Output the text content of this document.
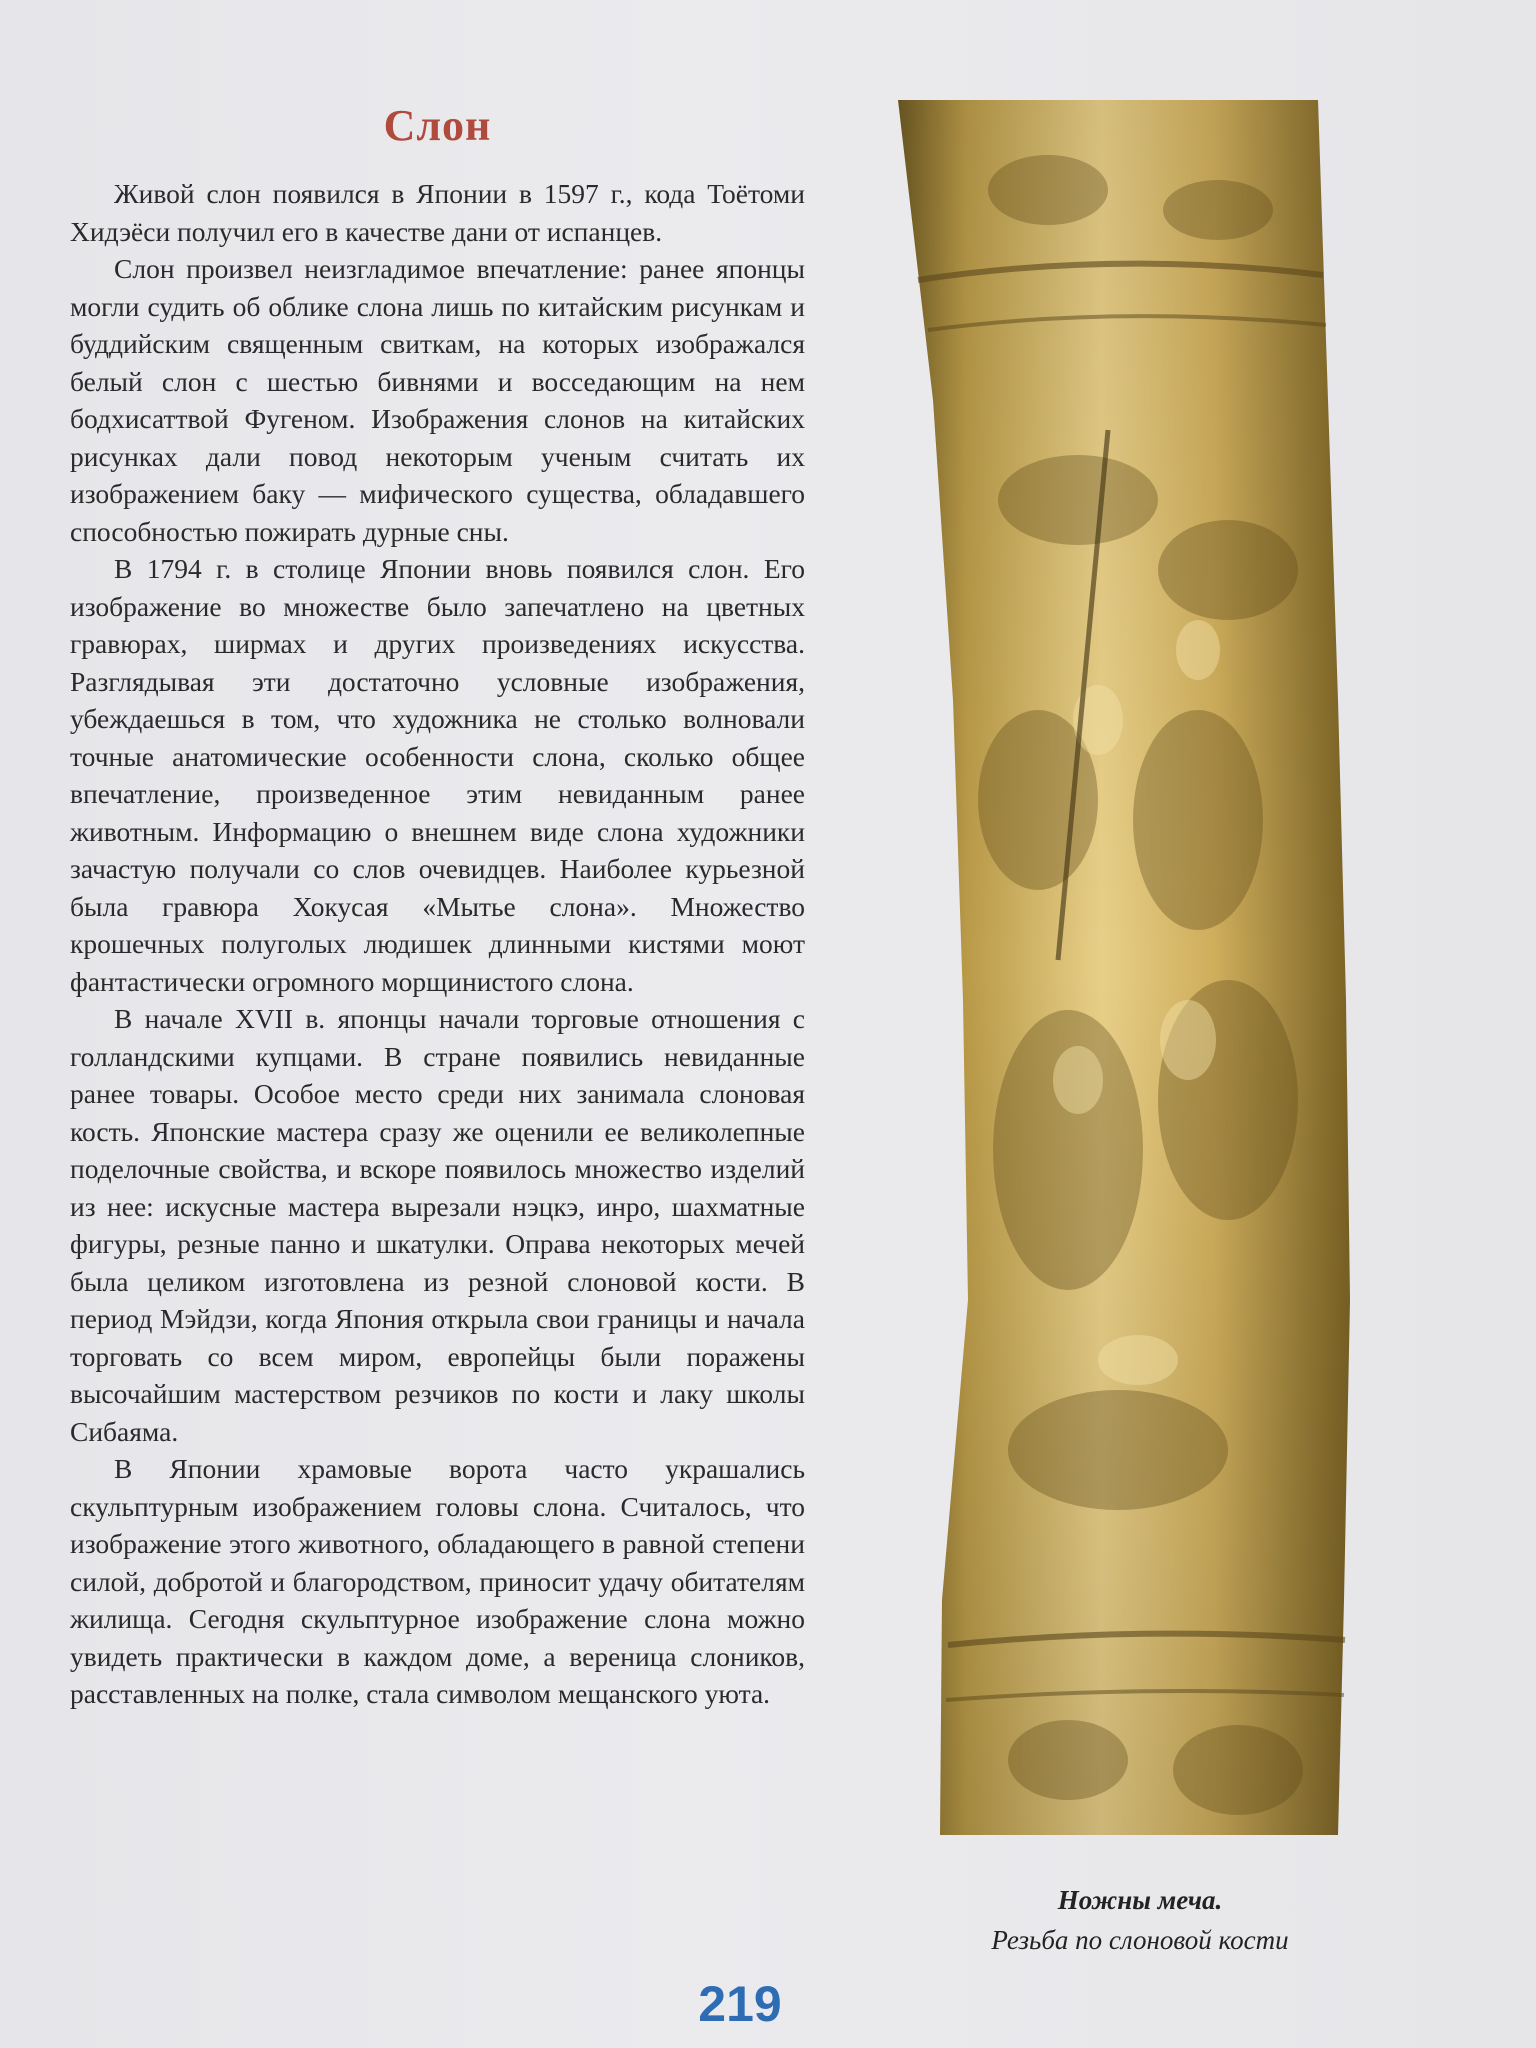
Слон

Живой слон появился в Японии в 1597 г., кода Тоётоми Хидэёси получил его в качестве дани от испанцев.

Слон произвел неизгладимое впечатление: ранее японцы могли судить об облике слона лишь по китайским рисункам и буддийским священным свиткам, на которых изображался белый слон с шестью бивнями и восседающим на нем бодхисаттвой Фугеном. Изображения слонов на китайских рисунках дали повод некоторым ученым считать их изображением баку — мифического существа, обладавшего способностью пожирать дурные сны.

В 1794 г. в столице Японии вновь появился слон. Его изображение во множестве было запечатлено на цветных гравюрах, ширмах и других произведениях искусства. Разглядывая эти достаточно условные изображения, убеждаешься в том, что художника не столько волновали точные анатомические особенности слона, сколько общее впечатление, произведенное этим невиданным ранее животным. Информацию о внешнем виде слона художники зачастую получали со слов очевидцев. Наиболее курьезной была гравюра Хокусая «Мытье слона». Множество крошечных полуголых людишек длинными кистями моют фантастически огромного морщинистого слона.

В начале XVII в. японцы начали торговые отношения с голландскими купцами. В стране появились невиданные ранее товары. Особое место среди них занимала слоновая кость. Японские мастера сразу же оценили ее великолепные поделочные свойства, и вскоре появилось множество изделий из нее: искусные мастера вырезали нэцкэ, инро, шахматные фигуры, резные панно и шкатулки. Оправа некоторых мечей была целиком изготовлена из резной слоновой кости. В период Мэйдзи, когда Япония открыла свои границы и начала торговать со всем миром, европейцы были поражены высочайшим мастерством резчиков по кости и лаку школы Сибаяма.

В Японии храмовые ворота часто украшались скульптурным изображением головы слона. Считалось, что изображение этого животного, обладающего в равной степени силой, добротой и благородством, приносит удачу обитателям жилища. Сегодня скульптурное изображение слона можно увидеть практически в каждом доме, а вереница слоников, расставленных на полке, стала символом мещанского уюта.

Ножны меча.
Резьба по слоновой кости
219
